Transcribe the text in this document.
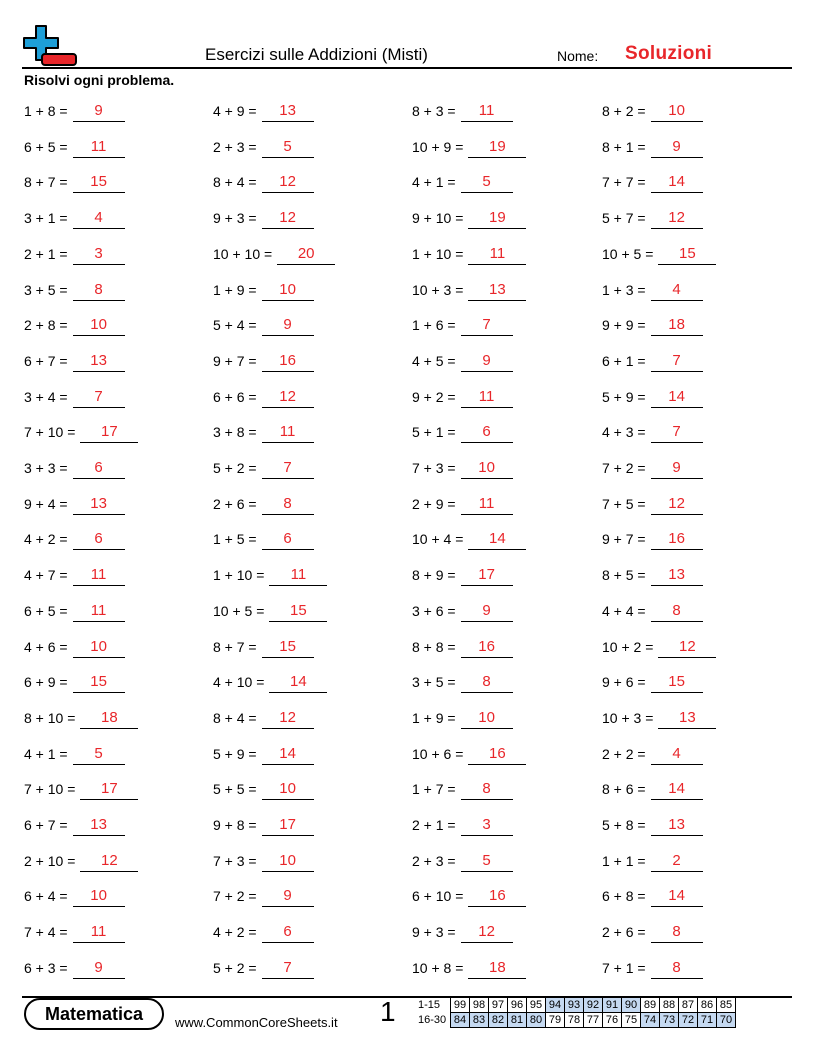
Esercizi sulle Addizioni (Misti)	Nome: Soluzioni
Risolvi ogni problema.
1 + 8 =	9
6 + 5 =	11
8 + 7 =	15
3 + 1 =	4
2 + 1 =	3
3 + 5 =	8
2 + 8 =	10
6 + 7 =	13
3 + 4 =	7
7 + 10 =	17
3 + 3 =	6
9 + 4 =	13
4 + 2 =	6
4 + 7 =	11
6 + 5 =	11
4 + 6 =	10
6 + 9 =	15
8 + 10 =	18
4 + 1 =	5
7 + 10 =	17
6 + 7 =	13
2 + 10 =	12
6 + 4 =	10
7 + 4 =	11
6 + 3 =	9
4 + 9 =	13
2 + 3 =	5
8 + 4 =	12
9 + 3 =	12
10 + 10 =	20
1 + 9 =	10
5 + 4 =	9
9 + 7 =	16
6 + 6 =	12
3 + 8 =	11
5 + 2 =	7
2 + 6 =	8
1 + 5 =	6
1 + 10 =	11
10 + 5 =	15
8 + 7 =	15
4 + 10 =	14
8 + 4 =	12
5 + 9 =	14
5 + 5 =	10
9 + 8 =	17
7 + 3 =	10
7 + 2 =	9
4 + 2 =	6
5 + 2 =	7
8 + 3 =	11
10 + 9 =	19
4 + 1 =	5
9 + 10 =	19
1 + 10 =	11
10 + 3 =	13
1 + 6 =	7
4 + 5 =	9
9 + 2 =	11
5 + 1 =	6
7 + 3 =	10
2 + 9 =	11
10 + 4 =	14
8 + 9 =	17
3 + 6 =	9
8 + 8 =	16
3 + 5 =	8
1 + 9 =	10
10 + 6 =	16
1 + 7 =	8
2 + 1 =	3
2 + 3 =	5
6 + 10 =	16
9 + 3 =	12
10 + 8 =	18
8 + 2 =	10
8 + 1 =	9
7 + 7 =	14
5 + 7 =	12
10 + 5 =	15
1 + 3 =	4
9 + 9 =	18
6 + 1 =	7
5 + 9 =	14
4 + 3 =	7
7 + 2 =	9
7 + 5 =	12
9 + 7 =	16
8 + 5 =	13
4 + 4 =	8
10 + 2 =	12
9 + 6 =	15
10 + 3 =	13
2 + 2 =	4
8 + 6 =	14
5 + 8 =	13
1 + 1 =	2
6 + 8 =	14
2 + 6 =	8
7 + 1 =	8
Matematica	www.CommonCoreSheets.it 1 1-15	99	98	97	96	95	94	93	92	91	90	89	88	87	86	85
16-30	84	83	82	81	80	79	78	77	76	75	74	73	72	71	70
